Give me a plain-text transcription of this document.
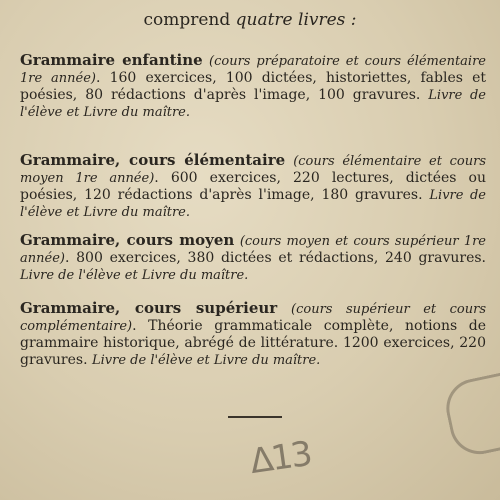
comprend quatre livres :
Grammaire enfantine (cours préparatoire et cours élémentaire 1re année). 160 exercices, 100 dictées, historiettes, fables et poésies, 80 rédactions d'après l'image, 100 gravures. Livre de l'élève et Livre du maître.
Grammaire, cours élémentaire (cours élémentaire et cours moyen 1re année). 600 exercices, 220 lectures, dictées ou poésies, 120 rédactions d'après l'image, 180 gravures. Livre de l'élève et Livre du maître.
Grammaire, cours moyen (cours moyen et cours supérieur 1re année). 800 exercices, 380 dictées et rédactions, 240 gravures. Livre de l'élève et Livre du maître.
Grammaire, cours supérieur (cours supérieur et cours complémentaire). Théorie grammaticale complète, notions de grammaire historique, abrégé de littérature. 1200 exercices, 220 gravures. Livre de l'élève et Livre du maître.
Δ13
